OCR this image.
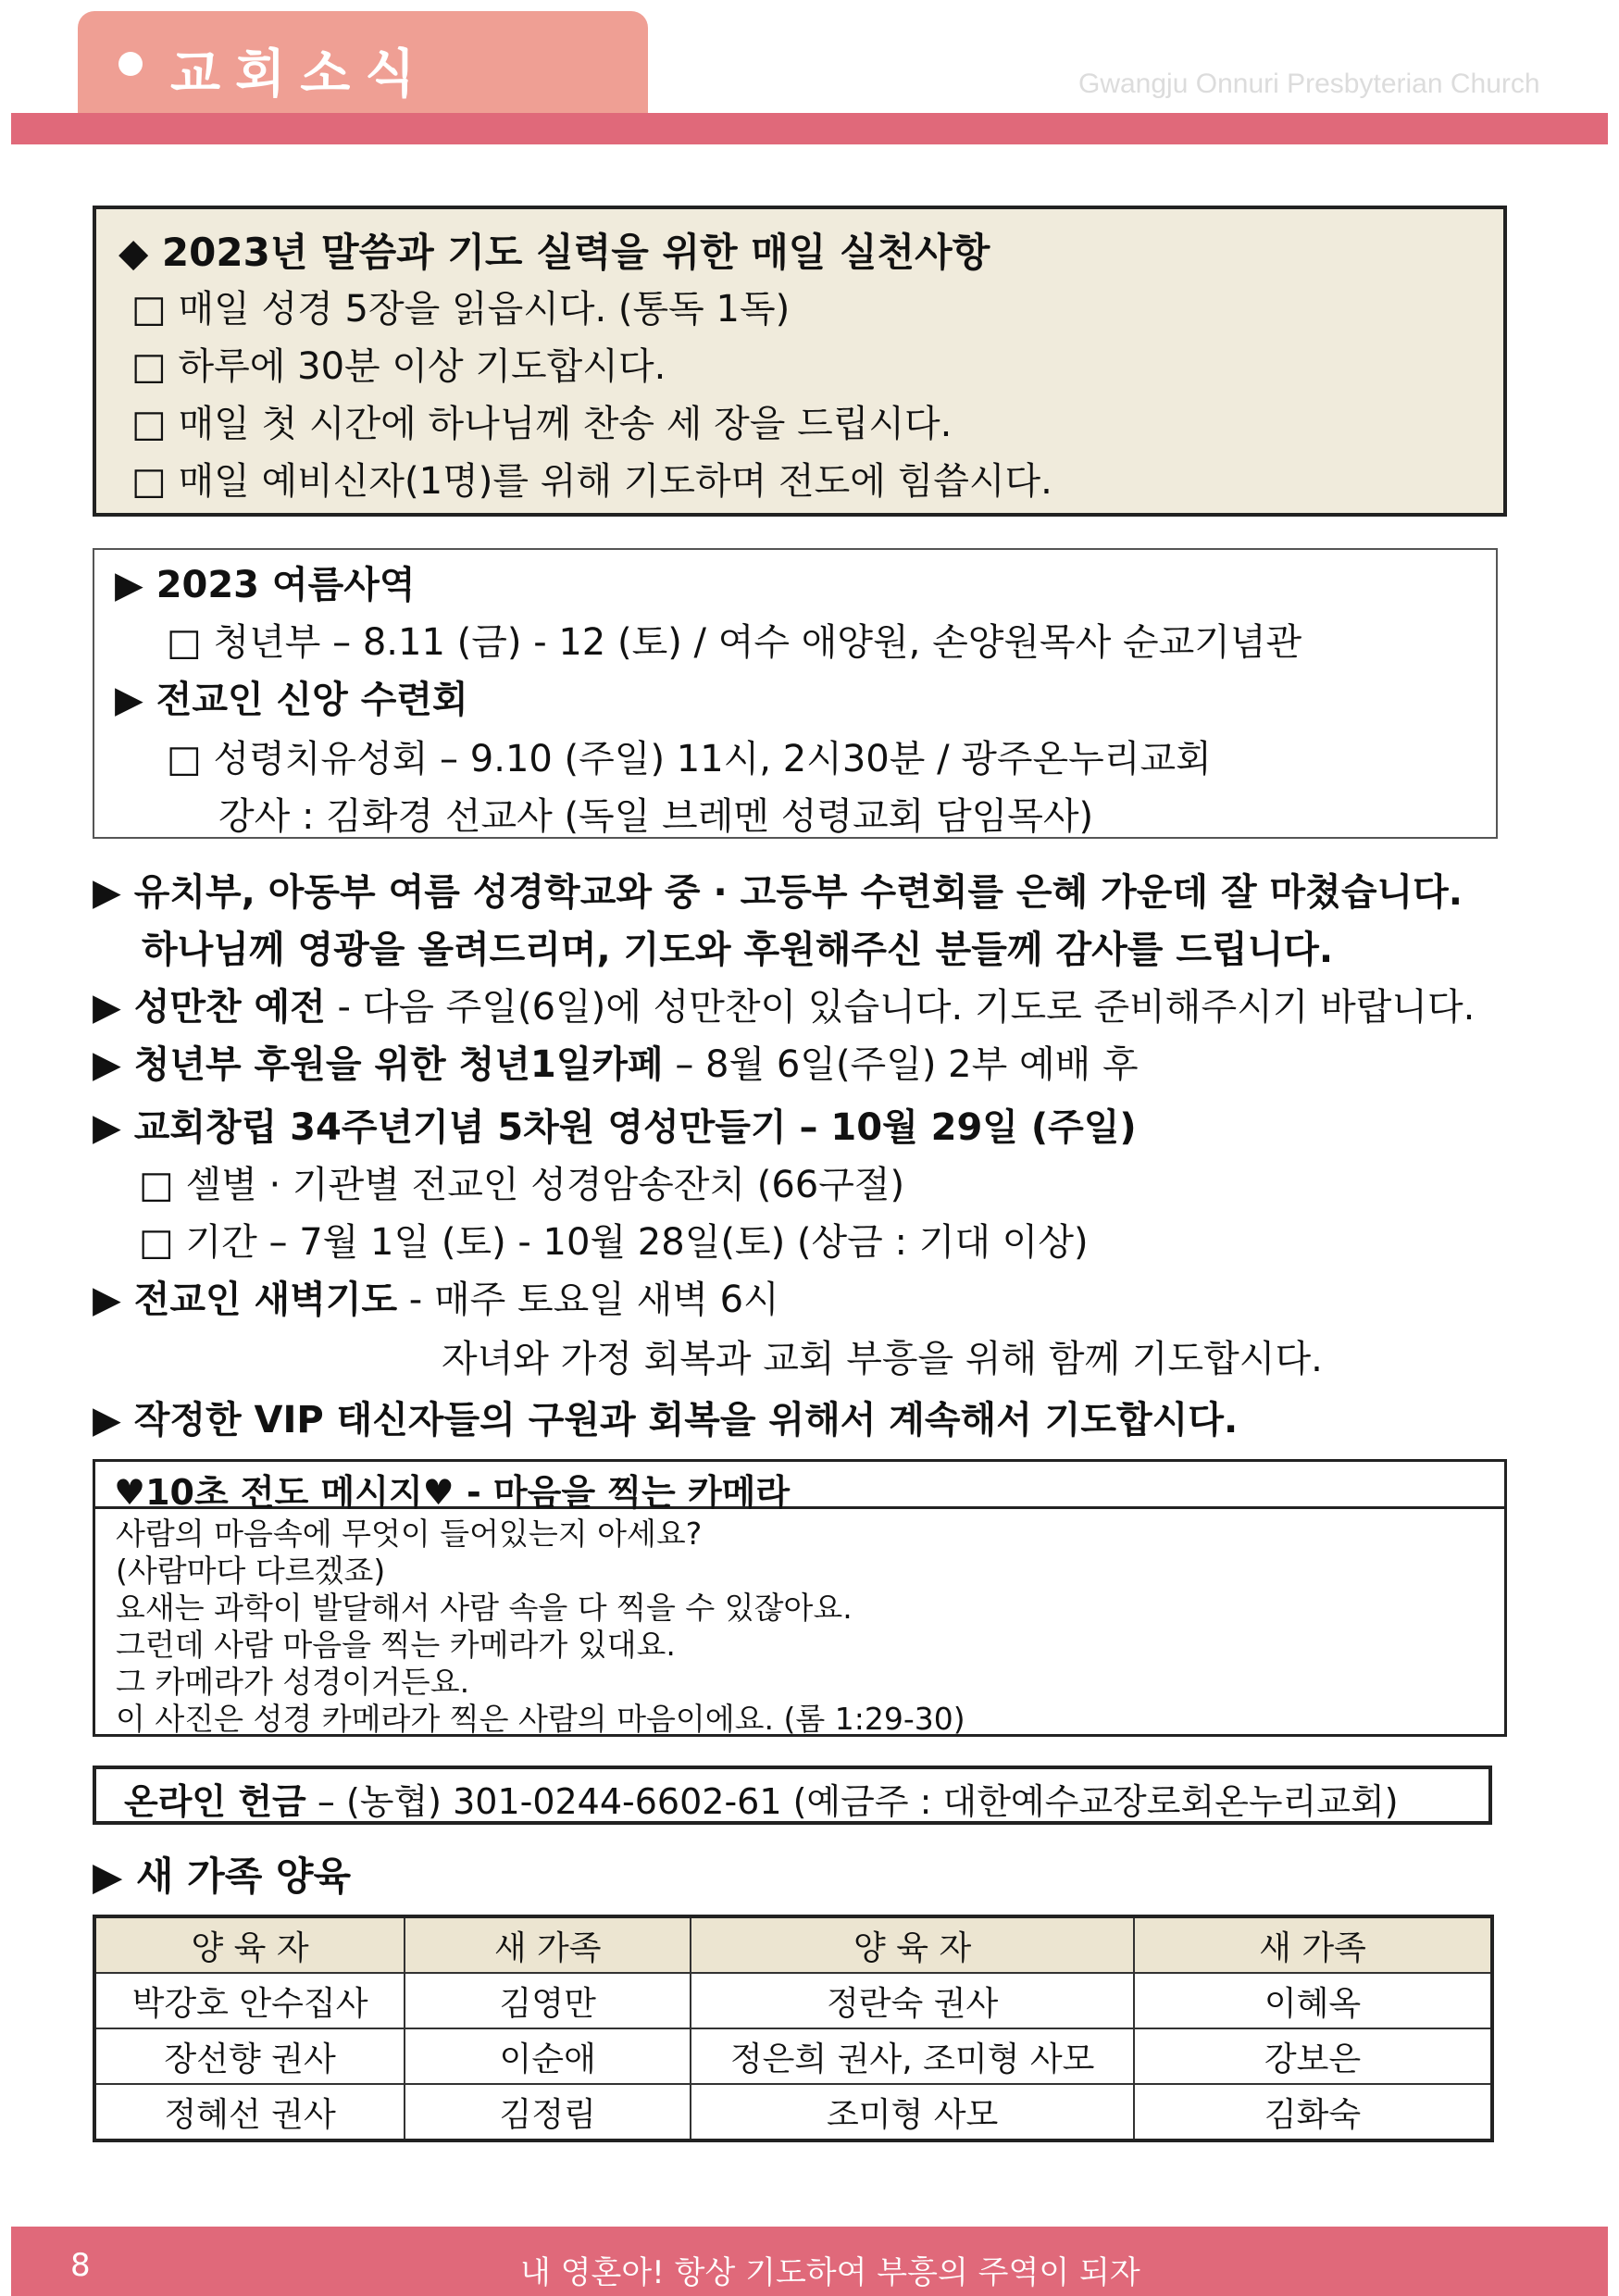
교회소식	Gwangju Onnuri Presbyterian Church
◆ 2023년 말씀과 기도 실력을 위한 매일 실천사항
□ 매일 성경 5장을 읽읍시다. (통독 1독)
□ 하루에 30분 이상 기도합시다.
□ 매일 첫 시간에 하나님께 찬송 세 장을 드립시다.
□ 매일 예비신자(1명)를 위해 기도하며 전도에 힘씁시다.
▶ 2023 여름사역
□ 청년부 – 8.11 (금) - 12 (토) / 여수 애양원, 손양원목사 순교기념관
▶ 전교인 신앙 수련회
□ 성령치유성회 – 9.10 (주일) 11시, 2시30분 / 광주온누리교회
강사 : 김화경 선교사 (독일 브레멘 성령교회 담임목사)
▶ 유치부, 아동부 여름 성경학교와 중 · 고등부 수련회를 은혜 가운데 잘 마쳤습니다.
하나님께 영광을 올려드리며, 기도와 후원해주신 분들께 감사를 드립니다.
▶ 성만찬 예전 - 다음 주일(6일)에 성만찬이 있습니다. 기도로 준비해주시기 바랍니다.
▶ 청년부 후원을 위한 청년1일카페 – 8월 6일(주일) 2부 예배 후
▶ 교회창립 34주년기념 5차원 영성만들기 – 10월 29일 (주일)
□ 셀별 · 기관별 전교인 성경암송잔치 (66구절)
□ 기간 – 7월 1일 (토) - 10월 28일(토) (상금 : 기대 이상)
▶ 전교인 새벽기도 - 매주 토요일 새벽 6시
자녀와 가정 회복과 교회 부흥을 위해 함께 기도합시다.
▶ 작정한 VIP 태신자들의 구원과 회복을 위해서 계속해서 기도합시다.
♥10초 전도 메시지♥ - 마음을 찍는 카메라
사람의 마음속에 무엇이 들어있는지 아세요?
(사람마다 다르겠죠)
요새는 과학이 발달해서 사람 속을 다 찍을 수 있잖아요.
그런데 사람 마음을 찍는 카메라가 있대요.
그 카메라가 성경이거든요.
이 사진은 성경 카메라가 찍은 사람의 마음이에요. (롬 1:29-30)
온라인 헌금 – (농협) 301-0244-6602-61 (예금주 : 대한예수교장로회온누리교회)
▶ 새 가족 양육
양 육 자	새 가족	양 육 자	새 가족
박강호 안수집사	김영만	정란숙 권사	이혜옥
장선향 권사	이순애	정은희 권사, 조미형 사모	강보은
정혜선 권사	김정림	조미형 사모	김화숙
8	내 영혼아! 항상 기도하여 부흥의 주역이 되자
